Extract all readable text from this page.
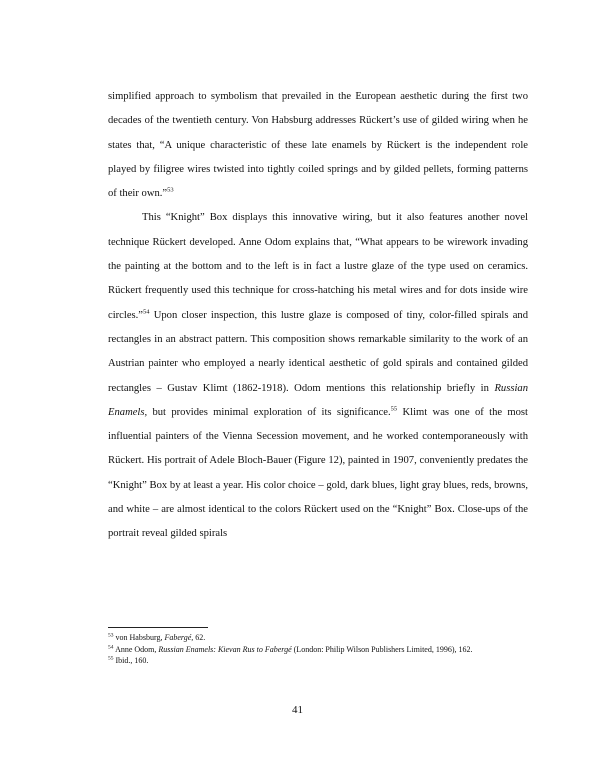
simplified approach to symbolism that prevailed in the European aesthetic during the first two decades of the twentieth century. Von Habsburg addresses Rückert’s use of gilded wiring when he states that, “A unique characteristic of these late enamels by Rückert is the independent role played by filigree wires twisted into tightly coiled springs and by gilded pellets, forming patterns of their own.”$^{53}$

This “Knight” Box displays this innovative wiring, but it also features another novel technique Rückert developed. Anne Odom explains that, “What appears to be wirework invading the painting at the bottom and to the left is in fact a lustre glaze of the type used on ceramics. Rückert frequently used this technique for cross-hatching his metal wires and for dots inside wire circles.”$^{54}$ Upon closer inspection, this lustre glaze is composed of tiny, color-filled spirals and rectangles in an abstract pattern. This composition shows remarkable similarity to the work of an Austrian painter who employed a nearly identical aesthetic of gold spirals and contained gilded rectangles – Gustav Klimt (1862-1918). Odom mentions this relationship briefly in Russian Enamels, but provides minimal exploration of its significance.$^{55}$ Klimt was one of the most influential painters of the Vienna Secession movement, and he worked contemporaneously with Rückert. His portrait of Adele Bloch-Bauer (Figure 12), painted in 1907, conveniently predates the “Knight” Box by at least a year. His color choice – gold, dark blues, light gray blues, reds, browns, and white – are almost identical to the colors Rückert used on the “Knight” Box. Close-ups of the portrait reveal gilded spirals

$^{53}$ von Habsburg, Fabergé, 62.

$^{54}$ Anne Odom, Russian Enamels: Kievan Rus to Fabergé (London: Philip Wilson Publishers Limited, 1996), 162.

$^{55}$ Ibid., 160.

41
